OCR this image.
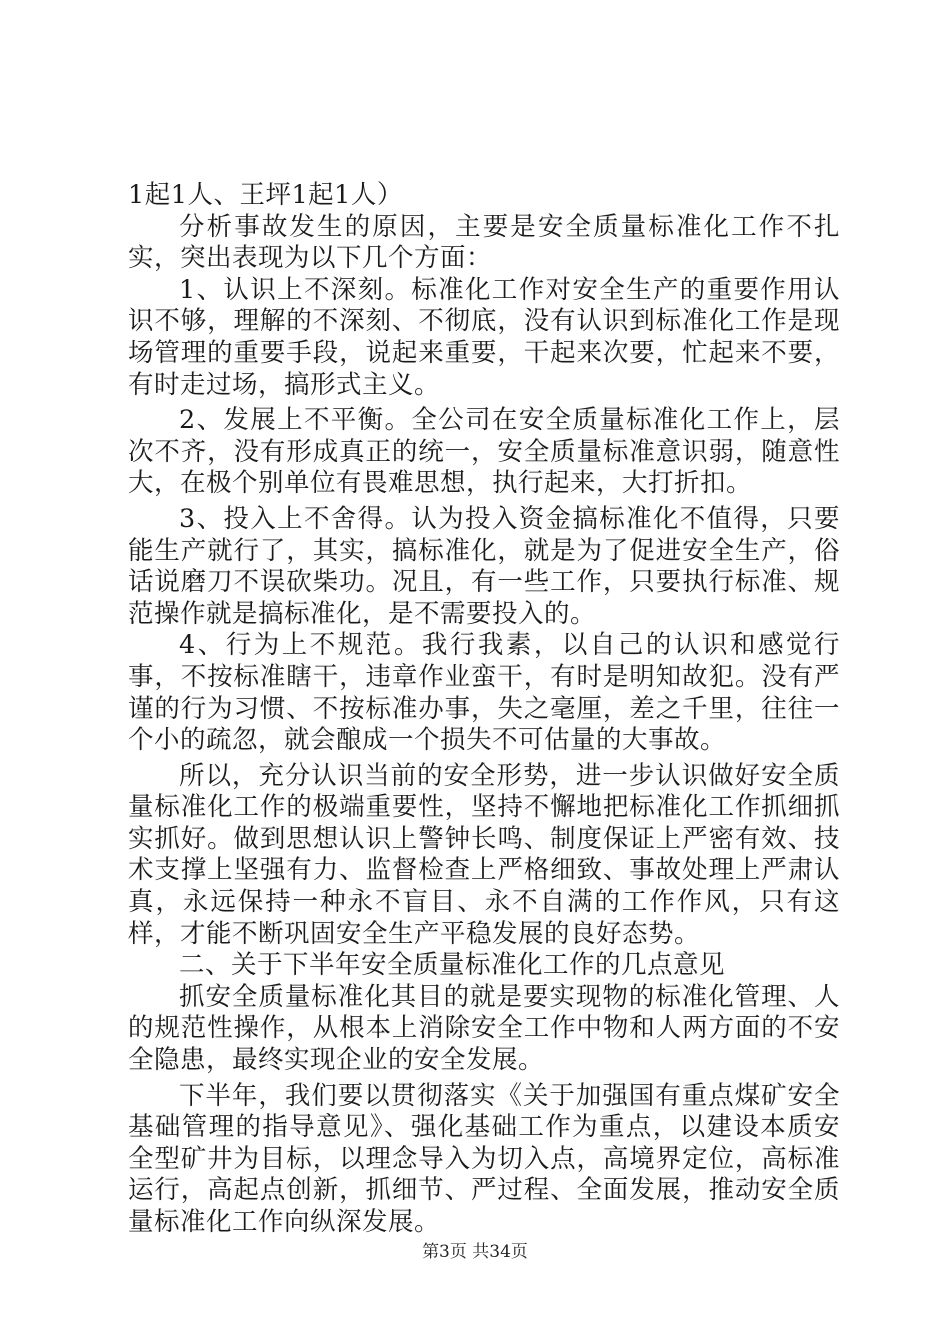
1起1人、王坪1起1人）

分析事故发生的原因，主要是安全质量标准化工作不扎实，突出表现为以下几个方面：

1、认识上不深刻。标准化工作对安全生产的重要作用认识不够，理解的不深刻、不彻底，没有认识到标准化工作是现场管理的重要手段，说起来重要，干起来次要，忙起来不要，有时走过场，搞形式主义。

2、发展上不平衡。全公司在安全质量标准化工作上，层次不齐，没有形成真正的统一，安全质量标准意识弱，随意性大，在极个别单位有畏难思想，执行起来，大打折扣。

3、投入上不舍得。认为投入资金搞标准化不值得，只要能生产就行了，其实，搞标准化，就是为了促进安全生产，俗话说磨刀不误砍柴功。况且，有一些工作，只要执行标准、规范操作就是搞标准化，是不需要投入的。

4、行为上不规范。我行我素，以自己的认识和感觉行事，不按标准瞎干，违章作业蛮干，有时是明知故犯。没有严谨的行为习惯、不按标准办事，失之毫厘，差之千里，往往一个小的疏忽，就会酿成一个损失不可估量的大事故。

所以，充分认识当前的安全形势，进一步认识做好安全质量标准化工作的极端重要性，坚持不懈地把标准化工作抓细抓实抓好。做到思想认识上警钟长鸣、制度保证上严密有效、技术支撑上坚强有力、监督检查上严格细致、事故处理上严肃认真，永远保持一种永不盲目、永不自满的工作作风，只有这样，才能不断巩固安全生产平稳发展的良好态势。

二、关于下半年安全质量标准化工作的几点意见

抓安全质量标准化其目的就是要实现物的标准化管理、人的规范性操作，从根本上消除安全工作中物和人两方面的不安全隐患，最终实现企业的安全发展。

下半年，我们要以贯彻落实《关于加强国有重点煤矿安全基础管理的指导意见》、强化基础工作为重点，以建设本质安全型矿井为目标，以理念导入为切入点，高境界定位，高标准运行，高起点创新，抓细节、严过程、全面发展，推动安全质量标准化工作向纵深发展。

第3页 共34页
